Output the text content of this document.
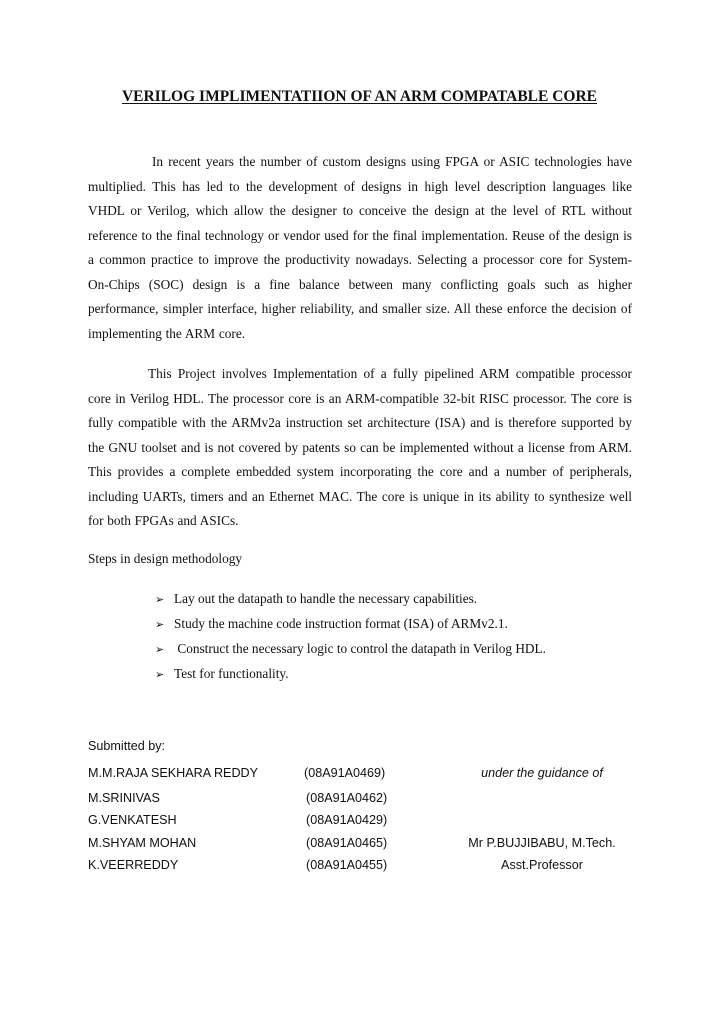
VERILOG IMPLIMENTATIION OF AN ARM COMPATABLE CORE

In recent years the number of custom designs using FPGA or ASIC technologies have multiplied. This has led to the development of designs in high level description languages like VHDL or Verilog, which allow the designer to conceive the design at the level of RTL without reference to the final technology or vendor used for the final implementation. Reuse of the design is a common practice to improve the productivity nowadays. Selecting a processor core for System-On-Chips (SOC) design is a fine balance between many conflicting goals such as higher performance, simpler interface, higher reliability, and smaller size. All these enforce the decision of implementing the ARM core.

This Project involves Implementation of a fully pipelined ARM compatible processor core in Verilog HDL. The processor core is an ARM-compatible 32-bit RISC processor. The core is fully compatible with the ARMv2a instruction set architecture (ISA) and is therefore supported by the GNU toolset and is not covered by patents so can be implemented without a license from ARM. This provides a complete embedded system incorporating the core and a number of peripherals, including UARTs, timers and an Ethernet MAC. The core is unique in its ability to synthesize well for both FPGAs and ASICs.

Steps in design methodology

➢ Lay out the datapath to handle the necessary capabilities.
➢ Study the machine code instruction format (ISA) of ARMv2.1.
➢ Construct the necessary logic to control the datapath in Verilog HDL.
➢ Test for functionality.
Submitted by:
M.M.RAJA SEKHARA REDDY
M.SRINIVAS
G.VENKATESH
M.SHYAM MOHAN
K.VEERREDDY
(08A91A0469)
(08A91A0462)
(08A91A0429)
(08A91A0465)
(08A91A0455)
under the guidance of
Mr P.BUJJIBABU, M.Tech.
Asst.Professor
